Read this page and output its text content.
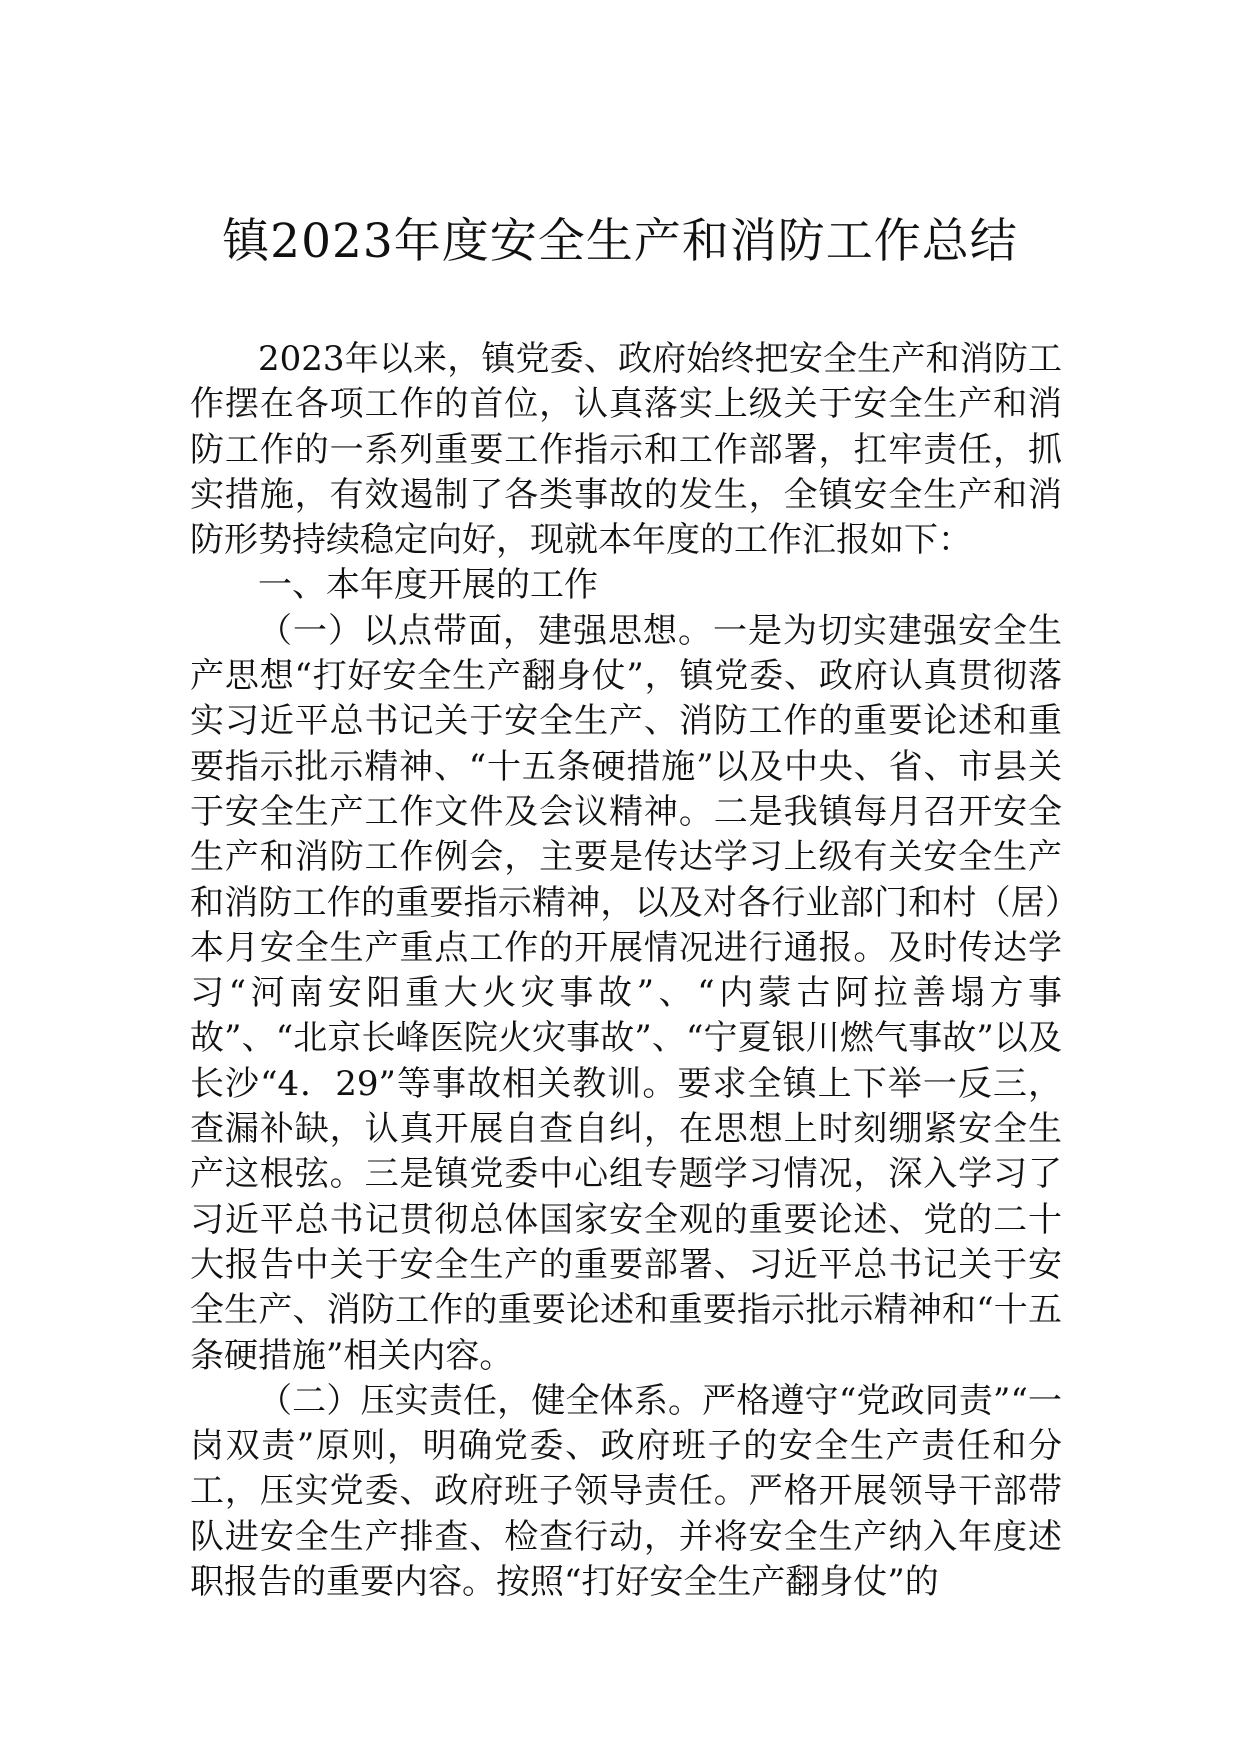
镇2023年度安全生产和消防工作总结

2023年以来，镇党委、政府始终把安全生产和消防工作摆在各项工作的首位，认真落实上级关于安全生产和消防工作的一系列重要工作指示和工作部署，扛牢责任，抓实措施，有效遏制了各类事故的发生，全镇安全生产和消防形势持续稳定向好，现就本年度的工作汇报如下：

一、本年度开展的工作

（一）以点带面，建强思想。一是为切实建强安全生产思想“打好安全生产翻身仗”，镇党委、政府认真贯彻落实习近平总书记关于安全生产、消防工作的重要论述和重要指示批示精神、“十五条硬措施”以及中央、省、市县关于安全生产工作文件及会议精神。二是我镇每月召开安全生产和消防工作例会，主要是传达学习上级有关安全生产和消防工作的重要指示精神，以及对各行业部门和村（居）本月安全生产重点工作的开展情况进行通报。及时传达学习“河南安阳重大火灾事故”、“内蒙古阿拉善塌方事故”、“北京长峰医院火灾事故”、“宁夏银川燃气事故”以及长沙“4．29”等事故相关教训。要求全镇上下举一反三，查漏补缺，认真开展自查自纠，在思想上时刻绷紧安全生产这根弦。三是镇党委中心组专题学习情况，深入学习了习近平总书记贯彻总体国家安全观的重要论述、党的二十大报告中关于安全生产的重要部署、习近平总书记关于安全生产、消防工作的重要论述和重要指示批示精神和“十五条硬措施”相关内容。

（二）压实责任，健全体系。严格遵守“党政同责”“一岗双责”原则，明确党委、政府班子的安全生产责任和分工，压实党委、政府班子领导责任。严格开展领导干部带队进安全生产排查、检查行动，并将安全生产纳入年度述职报告的重要内容。按照“打好安全生产翻身仗”的
